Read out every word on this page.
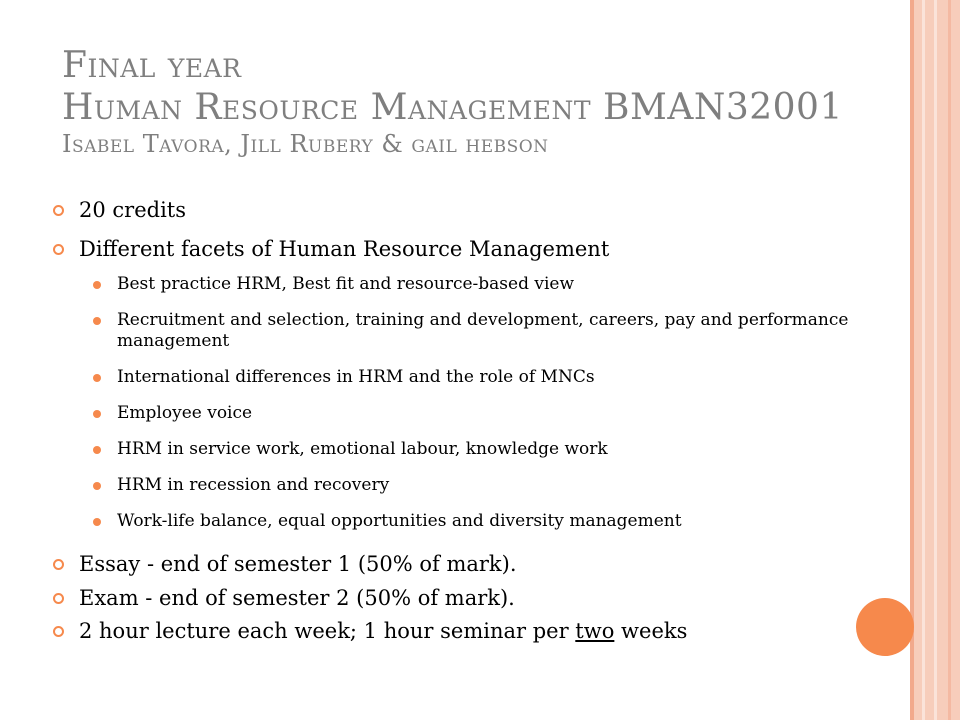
Final year
Human Resource Management BMAN32001
Isabel Tavora, Jill Rubery & gail hebson
20 credits
Different facets of Human Resource Management
Best practice HRM, Best fit and resource-based view
Recruitment and selection, training and development, careers, pay and performance management
International differences in HRM and the role of MNCs
Employee voice
HRM in service work, emotional labour, knowledge work
HRM in recession and recovery
Work-life balance, equal opportunities and diversity management
Essay - end of semester 1 (50% of mark).
Exam - end of semester 2 (50% of mark).
2 hour lecture each week; 1 hour seminar per two weeks
